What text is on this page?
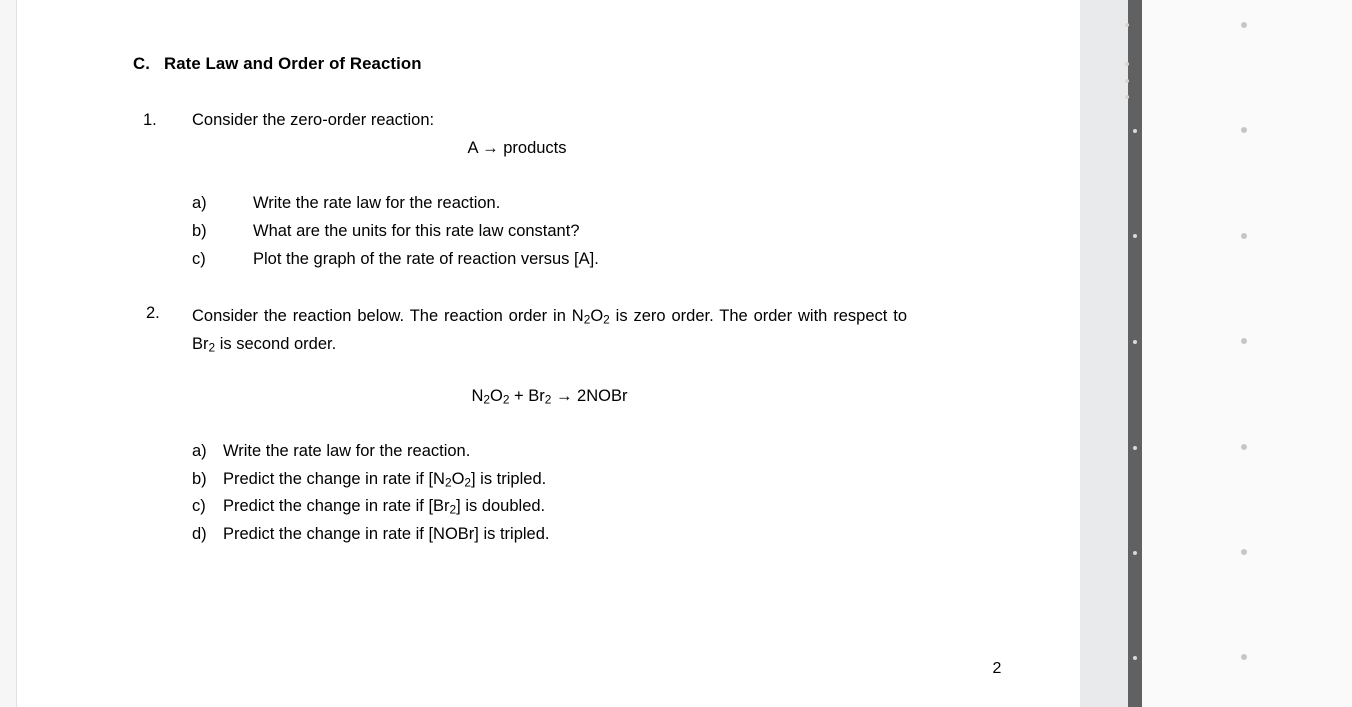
C. Rate Law and Order of Reaction
1. Consider the zero-order reaction:
A → products
a)	Write the rate law for the reaction.
b)	What are the units for this rate law constant?
c)	Plot the graph of the rate of reaction versus [A].
2. Consider the reaction below. The reaction order in $N_2O_2$ is zero order. The order with respect to $Br_2$ is second order.
$N_2O_2 + Br_2$ → 2NOBr
a) Write the rate law for the reaction.
b) Predict the change in rate if $[N_2O_2]$ is tripled.
c) Predict the change in rate if $[Br_2]$ is doubled.
d) Predict the change in rate if [NOBr] is tripled.
2
